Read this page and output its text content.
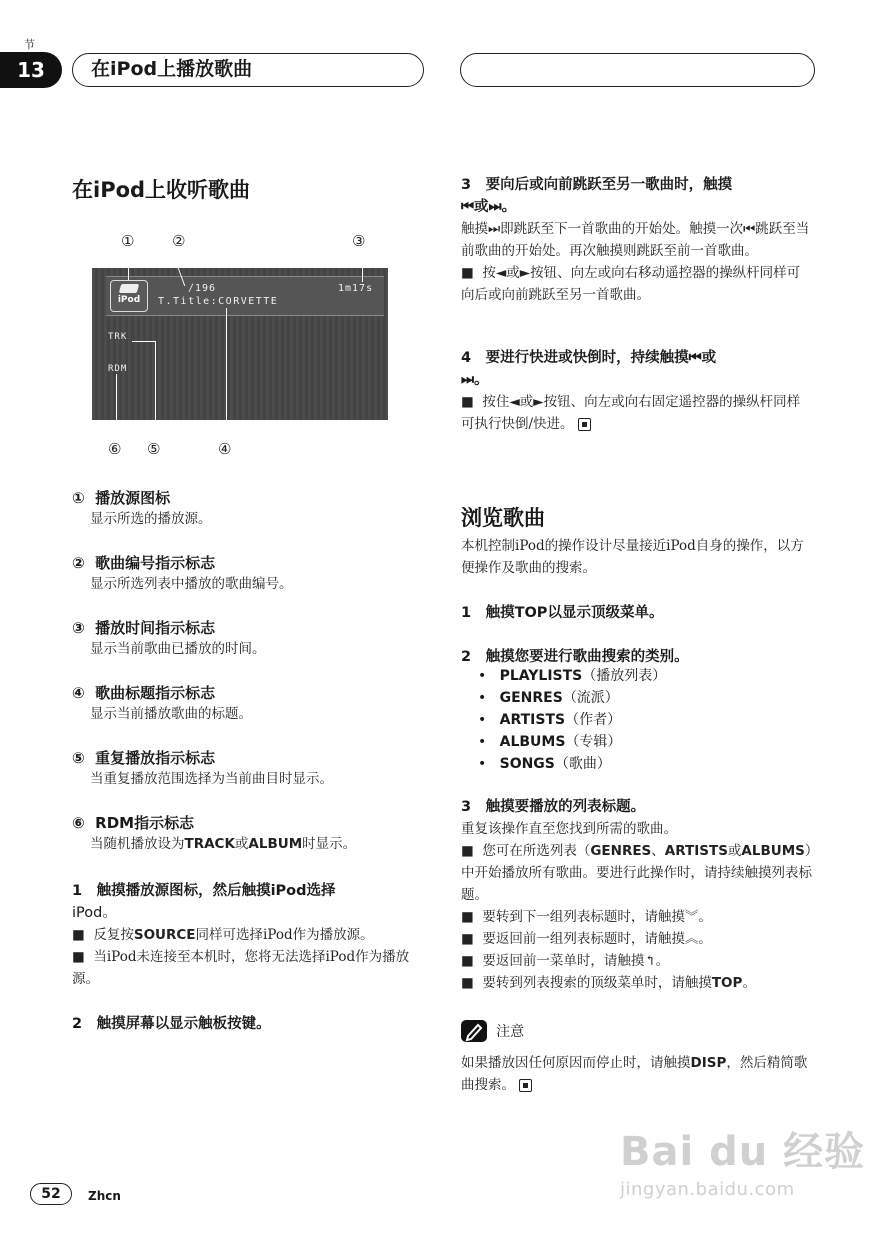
节
13	在iPod上播放歌曲
在iPod上收听歌曲
①	②	③
iPod
∕196	1m17s
T.Title:CORVETTE
TRK
RDM
⑥ ⑤	④
① 播放源图标
显示所选的播放源。
② 歌曲编号指示标志
显示所选列表中播放的歌曲编号。
③ 播放时间指示标志
显示当前歌曲已播放的时间。
④ 歌曲标题指示标志
显示当前播放歌曲的标题。
⑤ 重复播放指示标志
当重复播放范围选择为当前曲目时显示。
⑥ RDM指示标志
当随机播放设为TRACK或ALBUM时显示。
1　触摸播放源图标，然后触摸iPod选择
iPod。
■  反复按SOURCE同样可选择iPod作为播放源。
■  当iPod未连接至本机时，您将无法选择iPod作为播放源。
2　触摸屏幕以显示触板按键。
3　要向后或向前跳跃至另一歌曲时，触摸
⏮或⏭。
触摸⏭即跳跃至下一首歌曲的开始处。触摸一次⏮跳跃至当前歌曲的开始处。再次触摸则跳跃至前一首歌曲。
■  按◄或►按钮、向左或向右移动遥控器的操纵杆同样可向后或向前跳跃至另一首歌曲。
4　要进行快进或快倒时，持续触摸⏮或
⏭。
■  按住◄或►按钮、向左或向右固定遥控器的操纵杆同样可执行快倒/快进。
浏览歌曲
本机控制iPod的操作设计尽量接近iPod自身的操作，以方便操作及歌曲的搜索。
1　触摸TOP以显示顶级菜单。
2　触摸您要进行歌曲搜索的类别。
•   PLAYLISTS（播放列表）
•   GENRES（流派）
•   ARTISTS（作者）
•   ALBUMS（专辑）
•   SONGS（歌曲）
3　触摸要播放的列表标题。
重复该操作直至您找到所需的歌曲。
■  您可在所选列表（GENRES、ARTISTS或ALBUMS）中开始播放所有歌曲。要进行此操作时，请持续触摸列表标题。
■  要转到下一组列表标题时，请触摸︾。
■  要返回前一组列表标题时，请触摸︽。
■  要返回前一菜单时，请触摸↰。
■  要转到列表搜索的顶级菜单时，请触摸TOP。
注意
如果播放因任何原因而停止时，请触摸DISP，然后精简歌曲搜索。
52	Zhcn
Bai du 经验
jingyan.baidu.com
